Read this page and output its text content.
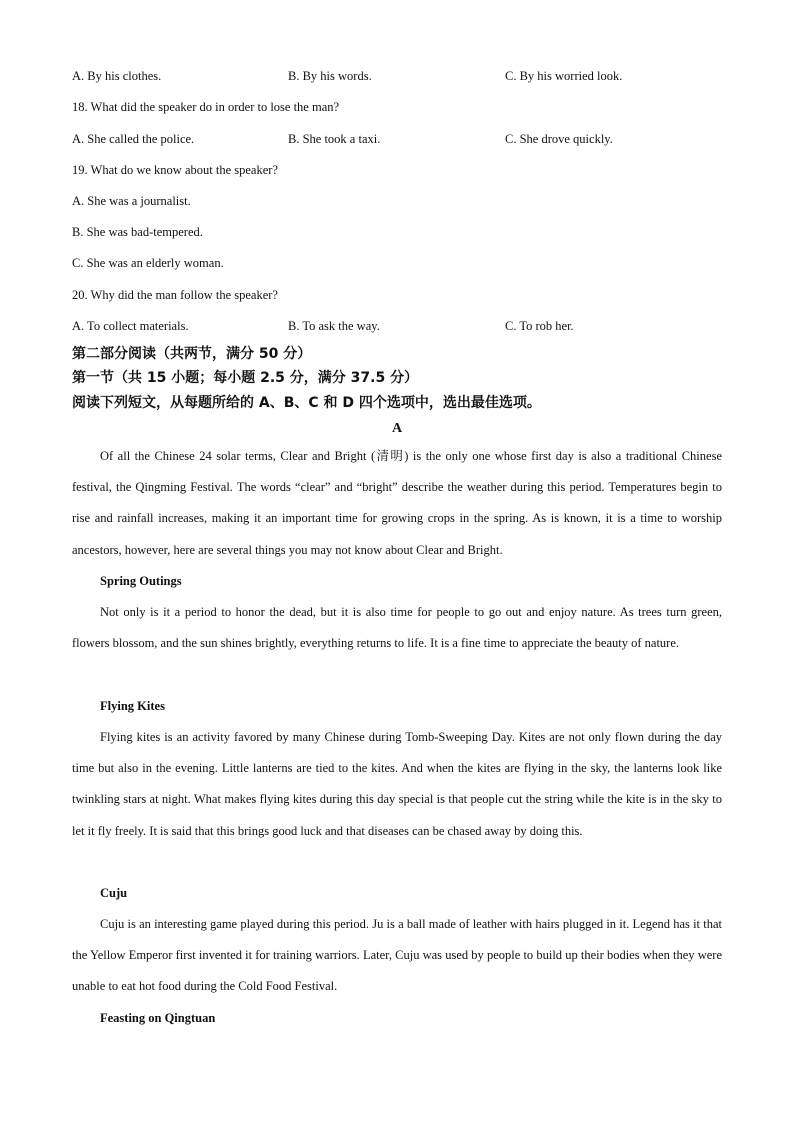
A. By his clothes.	B. By his words.	C. By his worried look.
18. What did the speaker do in order to lose the man?
A. She called the police.	B. She took a taxi.	C. She drove quickly.
19. What do we know about the speaker?
A. She was a journalist.
B. She was bad-tempered.
C. She was an elderly woman.
20. Why did the man follow the speaker?
A. To collect materials.	B. To ask the way.	C. To rob her.
第二部分阅读（共两节，满分 50 分）
第一节（共 15 小题；每小题 2.5 分，满分 37.5 分）
阅读下列短文，从每题所给的 A、B、C 和 D 四个选项中，选出最佳选项。
A
Of all the Chinese 24 solar terms, Clear and Bright (清明) is the only one whose first day is also a traditional Chinese festival, the Qingming Festival. The words “clear” and “bright” describe the weather during this period. Temperatures begin to rise and rainfall increases, making it an important time for growing crops in the spring. As is known, it is a time to worship ancestors, however, here are several things you may not know about Clear and Bright.
Spring Outings
Not only is it a period to honor the dead, but it is also time for people to go out and enjoy nature. As trees turn green, flowers blossom, and the sun shines brightly, everything returns to life. It is a fine time to appreciate the beauty of nature.
Flying Kites
Flying kites is an activity favored by many Chinese during Tomb-Sweeping Day. Kites are not only flown during the day time but also in the evening. Little lanterns are tied to the kites. And when the kites are flying in the sky, the lanterns look like twinkling stars at night. What makes flying kites during this day special is that people cut the string while the kite is in the sky to let it fly freely. It is said that this brings good luck and that diseases can be chased away by doing this.
Cuju
Cuju is an interesting game played during this period. Ju is a ball made of leather with hairs plugged in it. Legend has it that the Yellow Emperor first invented it for training warriors. Later, Cuju was used by people to build up their bodies when they were unable to eat hot food during the Cold Food Festival.
Feasting on Qingtuan
